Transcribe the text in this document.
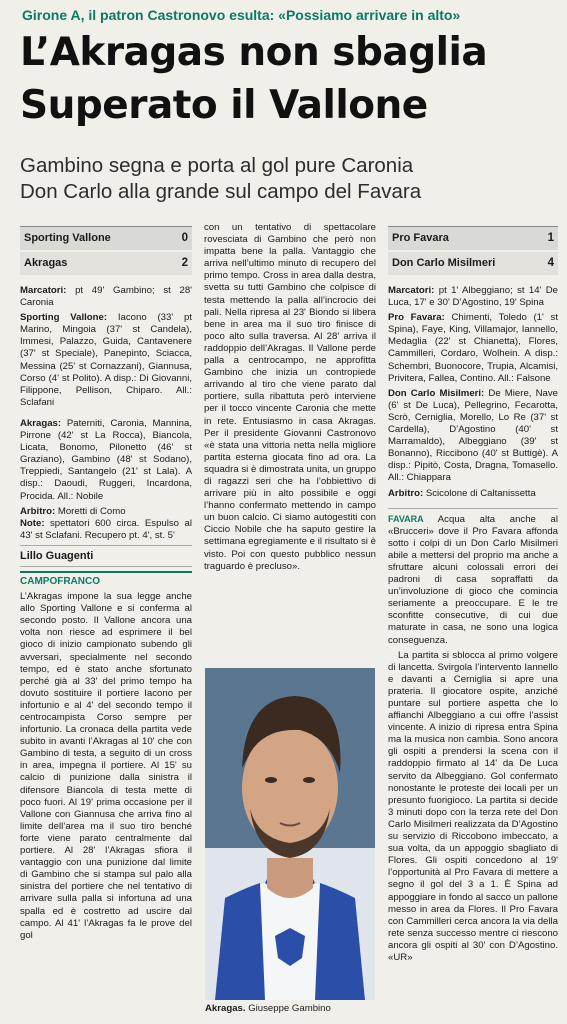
Girone A, il patron Castronovo esulta: «Possiamo arrivare in alto»
L’Akragas non sbaglia
Superato il Vallone
Gambino segna e porta al gol pure Caronia
Don Carlo alla grande sul campo del Favara
Sporting Vallone	0
Akragas	2

Marcatori: pt 49' Gambino; st 28' Caronia

Sporting Vallone: Iacono (33' pt Marino, Mingoia (37' st Candela), Immesi, Palazzo, Guida, Cantavenere (37' st Speciale), Panepinto, Sciacca, Messina (25' st Cornazzani), Giannusa, Corso (4' st Polito). A disp.: Di Giovanni, Filippone, Pellison, Chiparo. All.: Sclafani

Akragas: Paterniti, Caronia, Mannina, Pirrone (42' st La Rocca), Biancola, Licata, Bonomo, Pilonetto (46' st Graziano), Gambino (48' st Sodano), Treppiedi, Santangelo (21' st Lala). A disp.: Daoudi, Ruggeri, Incardona, Procida. All.: Nobile

Arbitro: Moretti di Como

Note: spettatori 600 circa. Espulso al 43' st Sclafani. Recupero pt. 4', st. 5'

Lillo Guagenti
CAMPOFRANCO

L’Akragas impone la sua legge anche allo Sporting Vallone e si conferma al secondo posto. Il Vallone ancora una volta non riesce ad esprimere il bel gioco di inizio campionato subendo gli avversari, specialmente nel secondo tempo, ed è stato anche sfortunato perché già al 33' del primo tempo ha dovuto sostituire il portiere Iacono per infortunio e al 4' del secondo tempo il centrocampista Corso sempre per infortunio. La cronaca della partita vede subito in avanti l’Akragas al 10' che con Gambino di testa, a seguito di un cross in area, impegna il portiere. Al 15' su calcio di punizione dalla sinistra il difensore Biancola di testa mette di poco fuori. Al 19' prima occasione per il Vallone con Giannusa che arriva fino al limite dell’area ma il suo tiro benché forte viene parato centralmente dal portiere. Al 28' l’Akragas sfiora il vantaggio con una punizione dal limite di Gambino che si stampa sul palo alla sinistra del portiere che nel tentativo di arrivare sulla palla si infortuna ad una spalla ed è costretto ad uscire dal campo. Al 41' l’Akragas fa le prove del gol

con un tentativo di spettacolare rovesciata di Gambino che però non impatta bene la palla. Vantaggio che arriva nell’ultimo minuto di recupero del primo tempo. Cross in area dalla destra, svetta su tutti Gambino che colpisce di testa mettendo la palla all’incrocio dei pali. Nella ripresa al 23' Biondo si libera bene in area ma il suo tiro finisce di poco alto sulla traversa. Al 28' arriva il raddoppio dell’Akragas. Il Vallone perde palla a centrocampo, ne approfitta Gambino che inizia un contropiede arrivando al tiro che viene parato dal portiere, sulla ribattuta però interviene per il tocco vincente Caronia che mette in rete. Entusiasmo in casa Akragas. Per il presidente Giovanni Castronovo «è stata una vittoria netta nella migliore partita esterna giocata fino ad ora. La squadra si è dimostrata unita, un gruppo di ragazzi seri che ha l’obbiettivo di arrivare più in alto possibile e oggi l’hanno confermato mettendo in campo un buon calcio. Ci siamo autogestiti con Ciccio Nobile che ha saputo gestire la settimana egregiamente e il risultato si è visto. Poi con questo pubblico nessun traguardo è precluso».

Akragas. Giuseppe Gambino
Pro Favara	1
Don Carlo Misilmeri	4

Marcatori: pt 1' Albeggiano; st 14' De Luca, 17' e 30' D’Agostino, 19' Spina

Pro Favara: Chimenti, Toledo (1' st Spina), Faye, King, Villamajor, Iannello, Medaglia (22' st Chianetta), Flores, Cammilleri, Cordaro, Wolhein. A disp.: Schembri, Buonocore, Trupia, Alcamisi, Privitera, Fallea, Contino. All.: Falsone

Don Carlo Misilmeri: De Miere, Nave (6' st De Luca), Pellegrino, Fecarotta, Scrò, Cerniglia, Morello, Lo Re (37' st Cardella), D’Agostino (40' st Marramaldo), Albeggiano (39' st Bonanno), Riccibono (40' st Buttigè). A disp.: Pipitò, Costa, Dragna, Tomasello. All.: Chiappara

Arbitro: Scicolone di Caltanissetta

FAVARA Acqua alta anche al «Brucceri» dove il Pro Favara affonda sotto i colpi di un Don Carlo Misilmeri abile a mettersi del proprio ma anche a sfruttare alcuni colossali errori dei padroni di casa sopraffatti da un’involuzione di gioco che comincia seriamente a preoccupare. E le tre sconfitte consecutive, di cui due maturate in casa, ne sono una logica conseguenza.

La partita si sblocca al primo volgere di lancetta. Svirgola l’intervento Iannello e davanti a Cerniglia si apre una prateria. Il giocatore ospite, anziché puntare sul portiere aspetta che lo affianchi Albeggiano a cui offre l’assist vincente. A inizio di ripresa entra Spina ma la musica non cambia. Sono ancora gli ospiti a prendersi la scena con il raddoppio firmato al 14' da De Luca servito da Albeggiano. Gol confermato nonostante le proteste dei locali per un presunto fuorigioco. La partita si decide 3 minuti dopo con la terza rete del Don Carlo Misilmeri realizzata da D’Agostino su servizio di Riccobono imbeccato, a sua volta, da un appoggio sbagliato di Flores. Gli ospiti concedono al 19' l’opportunità al Pro Favara di mettere a segno il gol del 3 a 1. È Spina ad appoggiare in fondo al sacco un pallone messo in area da Flores. Il Pro Favara con Cammilleri cerca ancora la via della rete senza successo mentre ci riescono ancora gli ospiti al 30' con D’Agostino. «UR»
